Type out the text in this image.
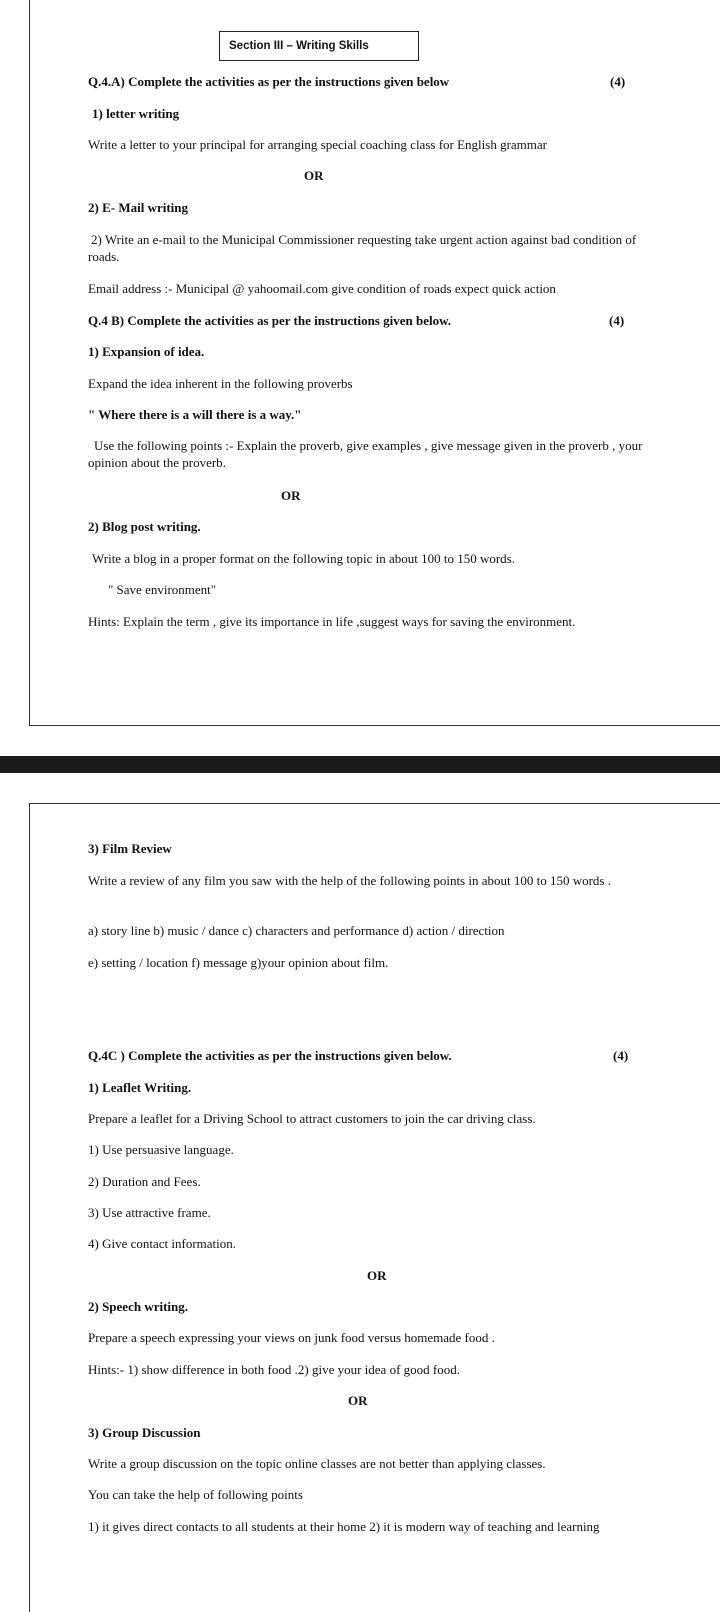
Section III – Writing Skills
Q.4.A) Complete the activities as per the instructions given below	(4)
1) letter writing
Write a letter to your principal for arranging special coaching class for English grammar
OR
2) E- Mail writing
2) Write an e-mail to the Municipal Commissioner requesting take urgent action against bad condition of roads.
Email address :- Municipal @ yahoomail.com give condition of roads expect quick action
Q.4 B) Complete the activities as per the instructions given below.	(4)
1) Expansion of idea.
Expand the idea inherent in the following proverbs
" Where there is a will there is a way."
Use the following points :- Explain the proverb, give examples , give message given in the proverb , your opinion about the proverb.
OR
2) Blog post writing.
Write a blog in a proper format on the following topic in about 100 to 150 words.
" Save environment"
Hints: Explain the term , give its importance in life ,suggest ways for saving the environment.
3) Film Review
Write a review of any film you saw with the help of the following points in about 100 to 150 words .
a) story line b) music / dance c) characters and performance d) action / direction
e) setting / location f) message g)your opinion about film.
Q.4C ) Complete the activities as per the instructions given below.	(4)
1) Leaflet Writing.
Prepare a leaflet for a Driving School to attract customers to join the car driving class.
1) Use persuasive language.
2) Duration and Fees.
3) Use attractive frame.
4) Give contact information.
OR
2) Speech writing.
Prepare a speech expressing your views on junk food versus homemade food .
Hints:- 1) show difference in both food .2) give your idea of good food.
OR
3) Group Discussion
Write a group discussion on the topic online classes are not better than applying classes.
You can take the help of following points
1) it gives direct contacts to all students at their home 2) it is modern way of teaching and learning
